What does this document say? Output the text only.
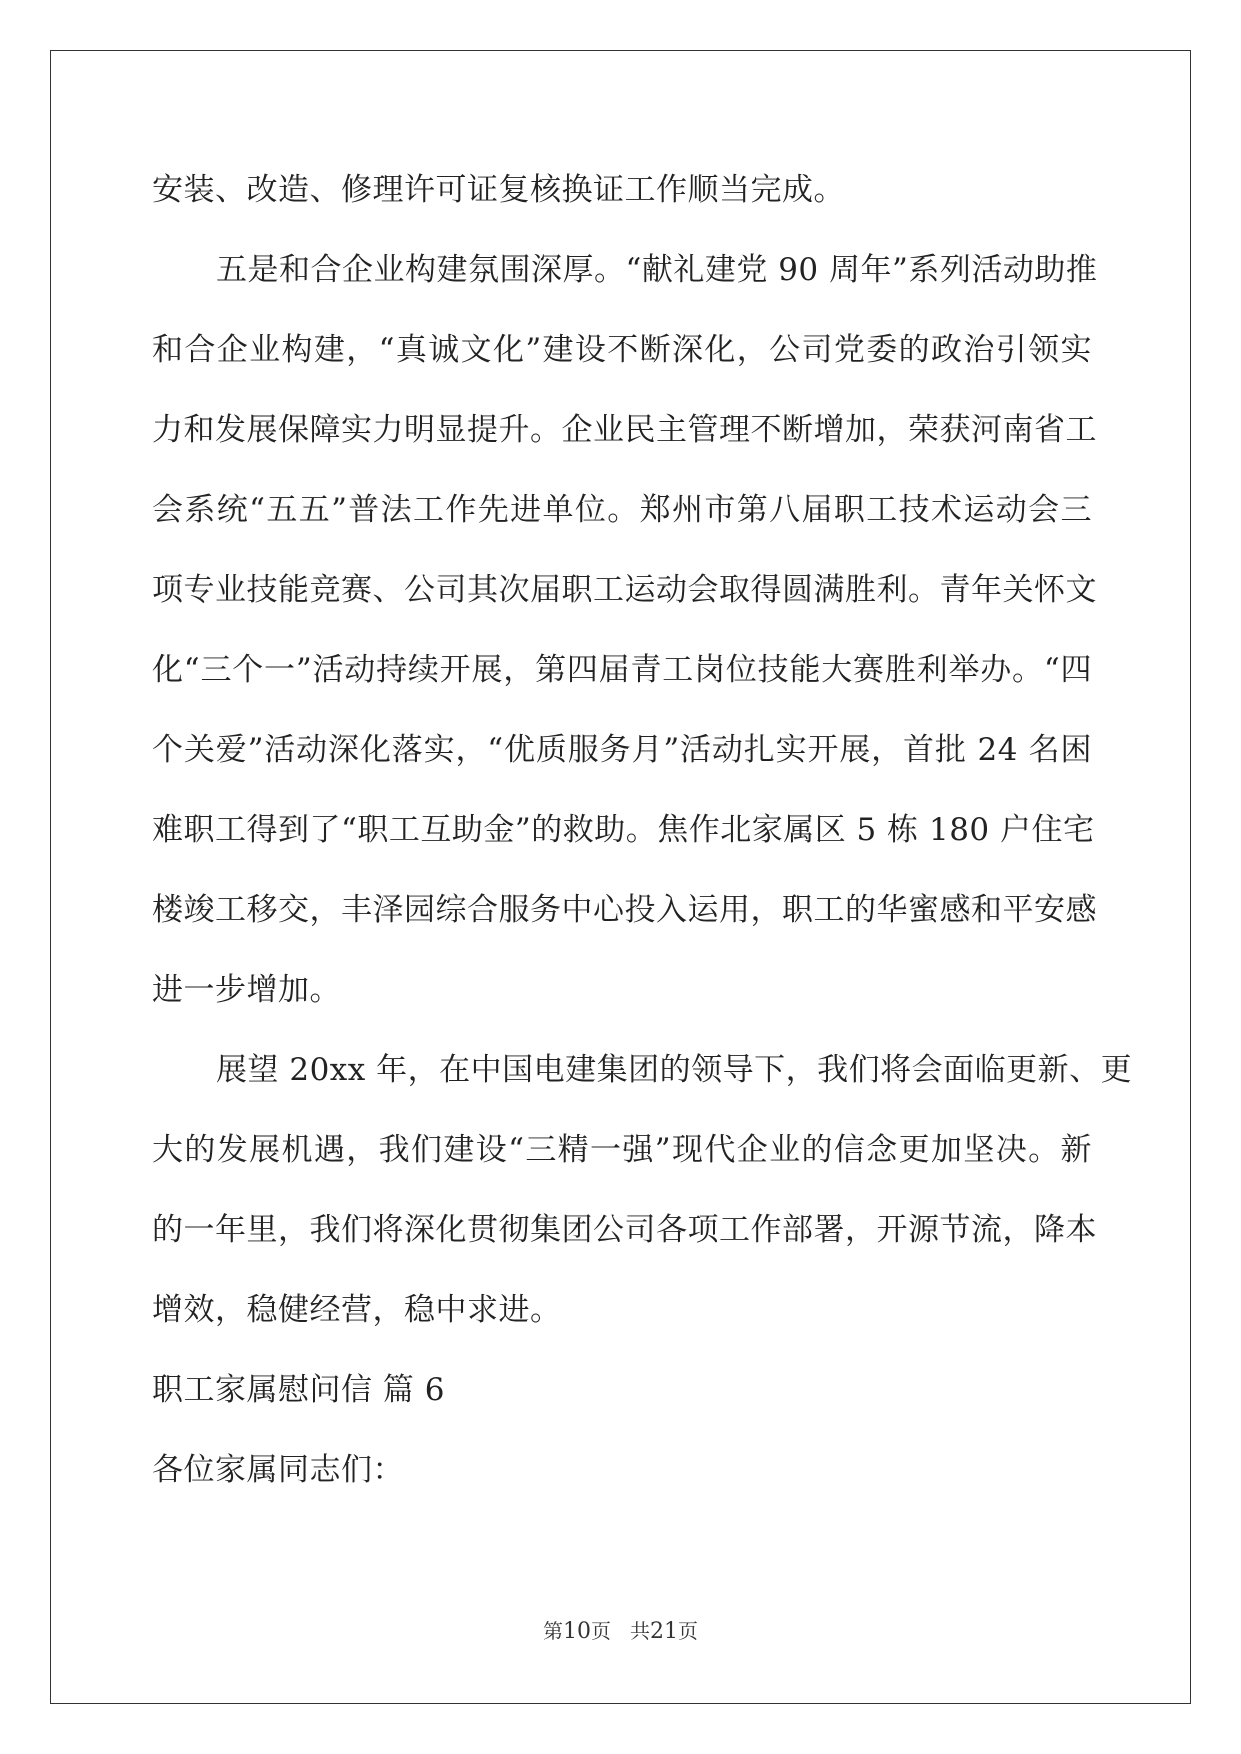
安装、改造、修理许可证复核换证工作顺当完成。
五是和合企业构建氛围深厚。“献礼建党 90 周年”系列活动助推
和合企业构建，“真诚文化”建设不断深化，公司党委的政治引领实
力和发展保障实力明显提升。企业民主管理不断增加，荣获河南省工
会系统“五五”普法工作先进单位。郑州市第八届职工技术运动会三
项专业技能竞赛、公司其次届职工运动会取得圆满胜利。青年关怀文
化“三个一”活动持续开展，第四届青工岗位技能大赛胜利举办。“四
个关爱”活动深化落实，“优质服务月”活动扎实开展，首批 24 名困
难职工得到了“职工互助金”的救助。焦作北家属区 5 栋 180 户住宅
楼竣工移交，丰泽园综合服务中心投入运用，职工的华蜜感和平安感
进一步增加。
展望 20xx 年，在中国电建集团的领导下，我们将会面临更新、更
大的发展机遇，我们建设“三精一强”现代企业的信念更加坚决。新
的一年里，我们将深化贯彻集团公司各项工作部署，开源节流，降本
增效，稳健经营，稳中求进。
职工家属慰问信 篇 6
各位家属同志们：
第10页   共21页
